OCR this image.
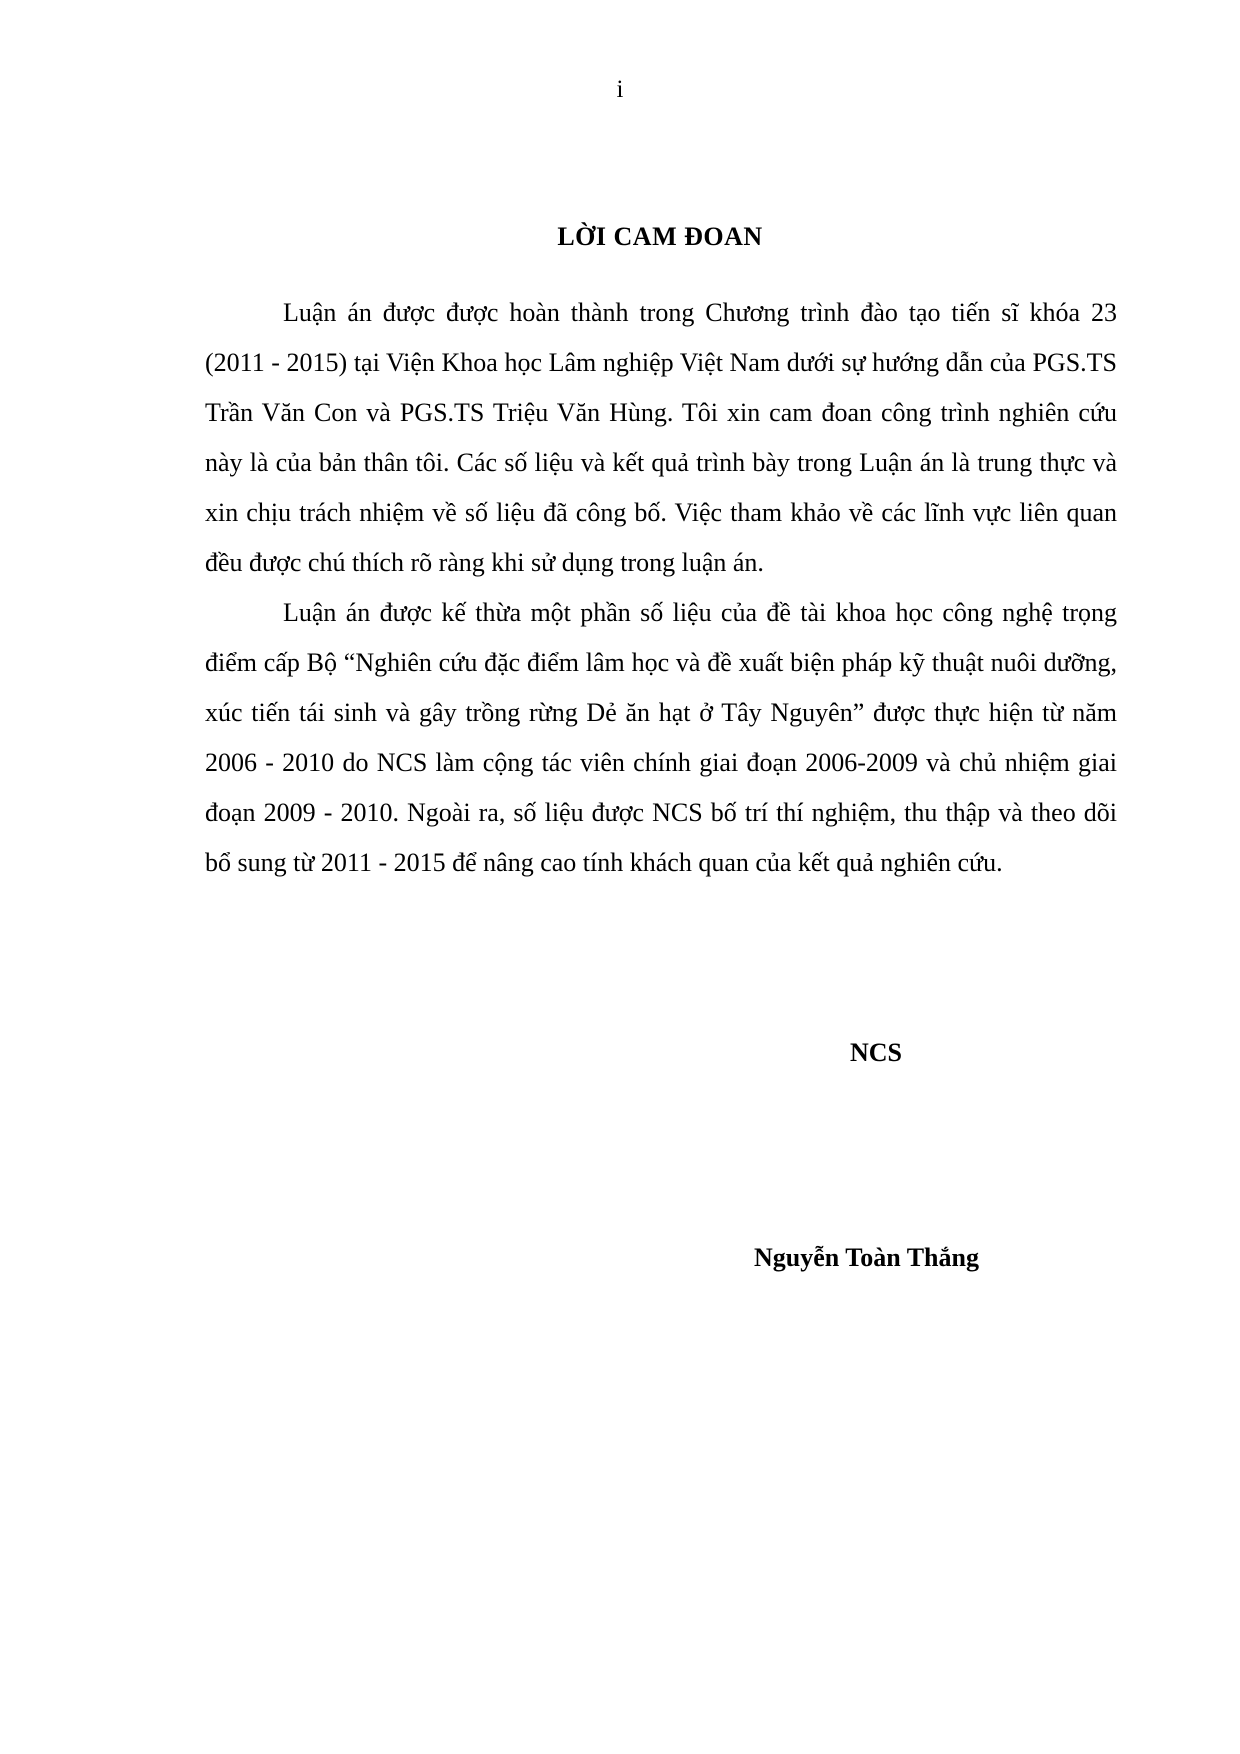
i
LỜI CAM ĐOAN

Luận án được được hoàn thành trong Chương trình đào tạo tiến sĩ khóa 23 (2011 - 2015) tại Viện Khoa học Lâm nghiệp Việt Nam dưới sự hướng dẫn của PGS.TS Trần Văn Con và PGS.TS Triệu Văn Hùng. Tôi xin cam đoan công trình nghiên cứu này là của bản thân tôi. Các số liệu và kết quả trình bày trong Luận án là trung thực và xin chịu trách nhiệm về số liệu đã công bố. Việc tham khảo về các lĩnh vực liên quan đều được chú thích rõ ràng khi sử dụng trong luận án.

Luận án được kế thừa một phần số liệu của đề tài khoa học công nghệ trọng điểm cấp Bộ “Nghiên cứu đặc điểm lâm học và đề xuất biện pháp kỹ thuật nuôi dưỡng, xúc tiến tái sinh và gây trồng rừng Dẻ ăn hạt ở Tây Nguyên” được thực hiện từ năm 2006 - 2010 do NCS làm cộng tác viên chính giai đoạn 2006-2009 và chủ nhiệm giai đoạn 2009 - 2010. Ngoài ra, số liệu được NCS bố trí thí nghiệm, thu thập và theo dõi bổ sung từ 2011 - 2015 để nâng cao tính khách quan của kết quả nghiên cứu.

NCS
Nguyễn Toàn Thắng
